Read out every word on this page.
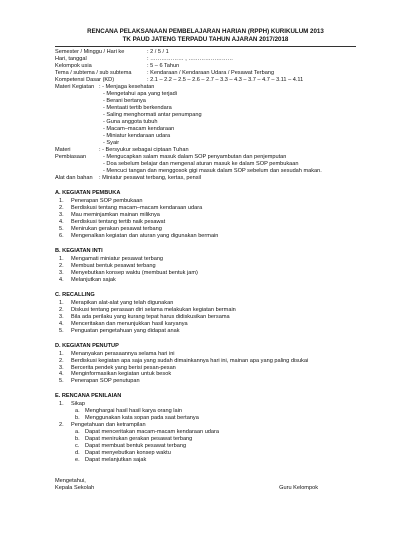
RENCANA PELAKSANAAN PEMBELAJARAN HARIAN (RPPH) KURIKULUM 2013
TK PAUD JATENG TERPADU TAHUN AJARAN 2017/2018
Semester / Minggu / Hari ke	: 2 / 5 / 1
Hari, tanggal	: ……………… , ……………………
Kelompok usia	: 5 – 6 Tahun
Tema / subtema / sub subtema	: Kendaraan / Kendaraan Udara / Pesawat Terbang
Kompetensi Dasar (KD)	: 2.1 – 2.2 – 2.5 – 2.6 – 2.7 – 3.3 – 4.3 – 3.7 – 4.7 – 3.11 – 4.11
Materi Kegiatan : - Menjaga kesehatan
- Mengetahui apa yang terjadi
- Berani bertanya
- Mentaati tertib berkendara
- Saling menghormati antar penumpang
- Guna anggota tubuh
- Macam–macam kendaraan
- Miniatur kendaraan udara
- Syair
Materi Pembiasaan
: - Bersyukur sebagai ciptaan Tuhan
- Mengucapkan salam masuk dalam SOP penyambutan dan penjemputan
- Doa sebelum belajar dan mengenal aturan masuk ke dalam SOP pembukaan
- Mencuci tangan dan menggosok gigi masuk dalam SOP sebelum dan sesudah makan.
Alat dan bahan	: Miniatur pesawat terbang, kertas, pensil
A. KEGIATAN PEMBUKA
1.	Penerapan SOP pembukaan
2.	Berdiskusi tentang macam–macam kendaraan udara
3.	Mau meminjamkan mainan miliknya
4.	Berdiskusi tentang tertib naik pesawat
5.	Menirukan gerakan pesawat terbang
6.	Mengenalkan kegiatan dan aturan yang digunakan bermain
B. KEGIATAN INTI
1.	Mengamati miniatur pesawat terbang
2.	Membuat bentuk pesawat terbang
3.	Menyebutkan konsep waktu (membuat bentuk jam)
4.	Melanjutkan sajak
C. RECALLING
1.	Merapikan alat-alat yang telah digunakan
2.	Diskusi tentang perasaan diri selama melakukan kegiatan bermain
3.	Bila ada perilaku yang kurang tepat harus didiskusikan bersama
4.	Menceritakan dan menunjukkan hasil karyanya
5.	Penguatan pengetahuan yang didapat anak
D. KEGIATAN PENUTUP
1.	Menanyakan perasaannya selama hari ini
2.	Berdiskusi kegiatan apa saja yang sudah dimainkannya hari ini, mainan apa yang paling disukai
3.	Bercerita pendek yang berisi pesan-pesan
4.	Menginformasikan kegiatan untuk besok
5.	Penerapan SOP penutupan
E. RENCANA PENILAIAN
1.	Sikap
a. Menghargai hasil hasil karya orang lain
b. Menggunakan kata sopan pada saat bertanya
2.	Pengetahuan dan ketrampilan
a. Dapat menceritakan macam-macam kendaraan udara
b. Dapat menirukan gerakan pesawat terbang
c.	Dapat membuat bentuk pesawat terbang
d. Dapat menyebutkan konsep waktu
e. Dapat melanjutkan sajak
Mengetahui,
Kepala Sekolah	Guru Kelompok
